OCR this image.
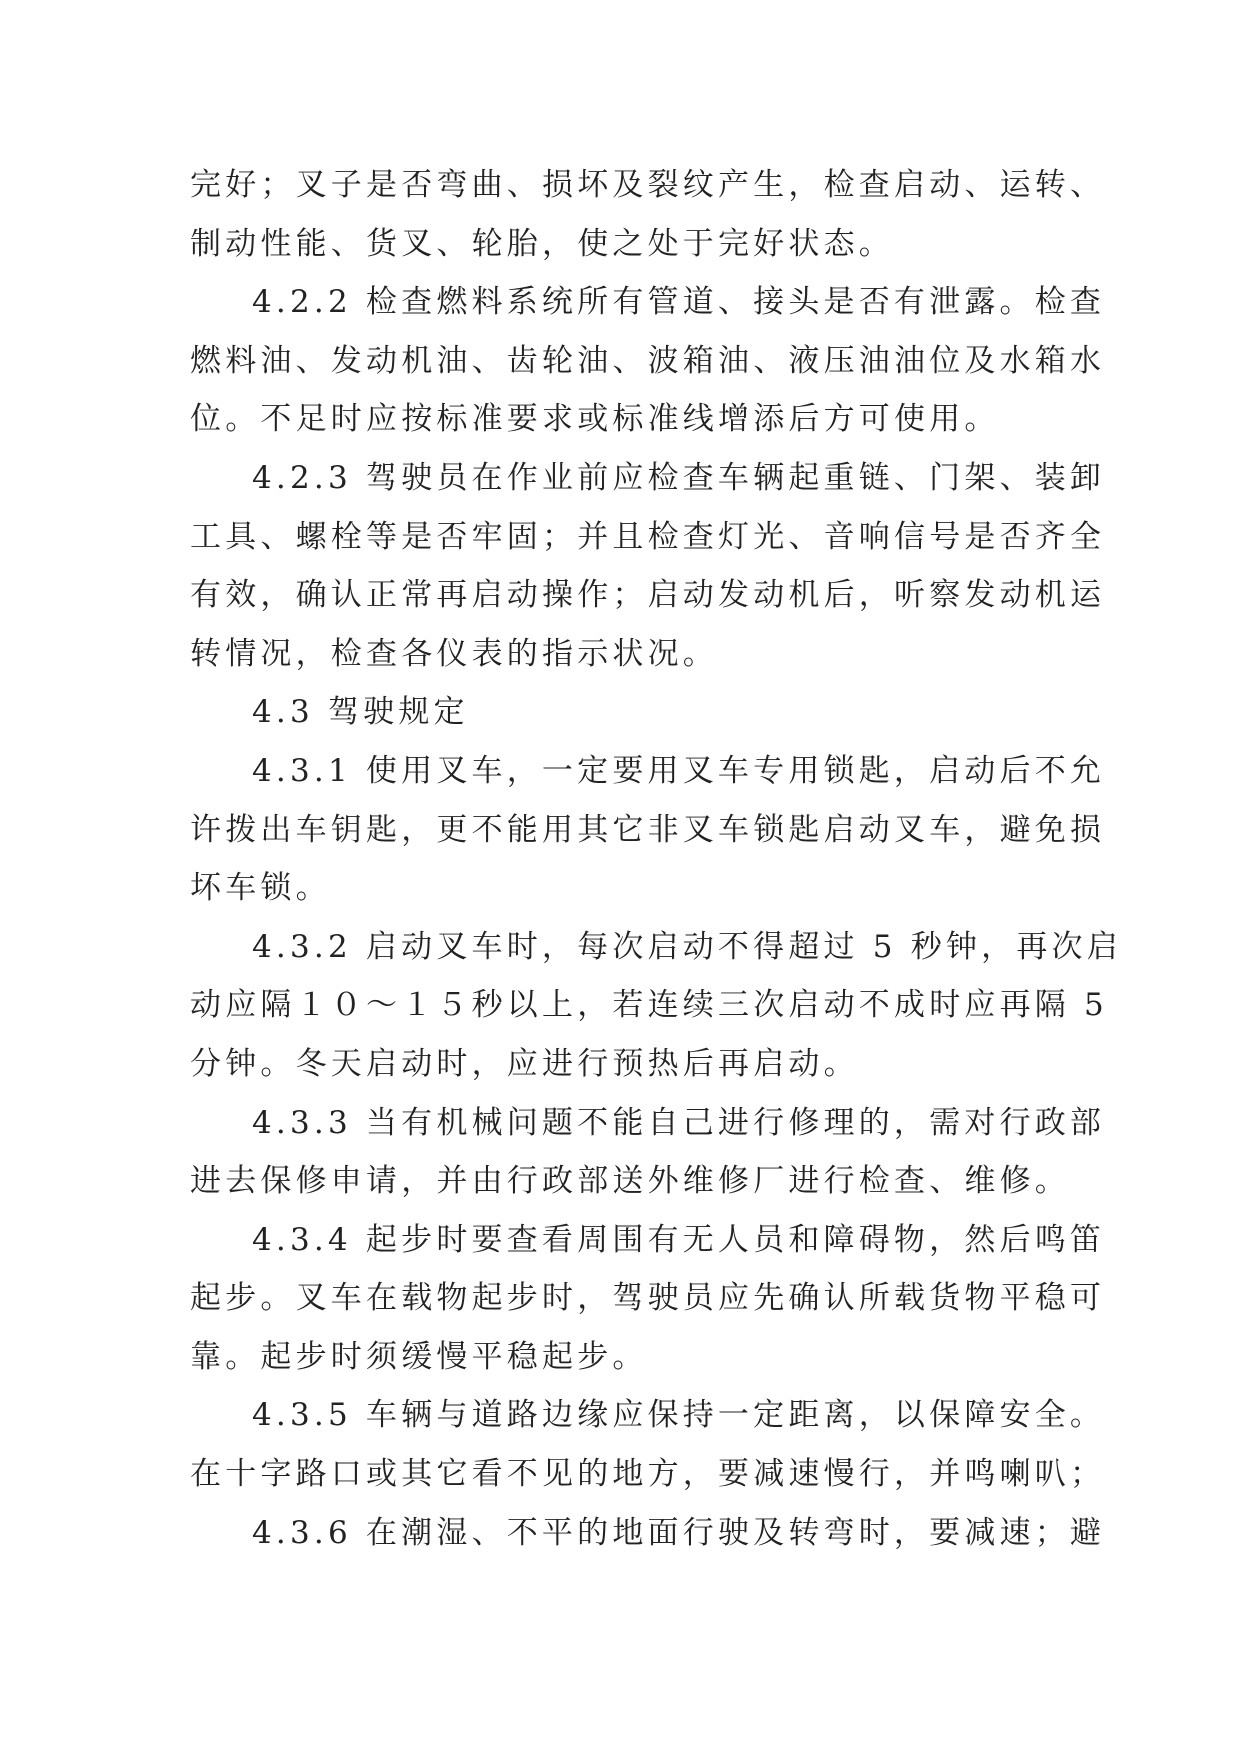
完好；叉子是否弯曲、损坏及裂纹产生，检查启动、运转、
制动性能、货叉、轮胎，使之处于完好状态。
4.2.2 检查燃料系统所有管道、接头是否有泄露。检查
燃料油、发动机油、齿轮油、波箱油、液压油油位及水箱水
位。不足时应按标准要求或标准线增添后方可使用。
4.2.3 驾驶员在作业前应检查车辆起重链、门架、装卸
工具、螺栓等是否牢固；并且检查灯光、音响信号是否齐全
有效，确认正常再启动操作；启动发动机后，听察发动机运
转情况，检查各仪表的指示状况。
4.3 驾驶规定
4.3.1 使用叉车，一定要用叉车专用锁匙，启动后不允
许拨出车钥匙，更不能用其它非叉车锁匙启动叉车，避免损
坏车锁。
4.3.2 启动叉车时，每次启动不得超过 5 秒钟，再次启
动应隔１０～１５秒以上，若连续三次启动不成时应再隔 5
分钟。冬天启动时，应进行预热后再启动。
4.3.3 当有机械问题不能自己进行修理的，需对行政部
进去保修申请，并由行政部送外维修厂进行检查、维修。
4.3.4 起步时要查看周围有无人员和障碍物，然后鸣笛
起步。叉车在载物起步时，驾驶员应先确认所载货物平稳可
靠。起步时须缓慢平稳起步。
4.3.5 车辆与道路边缘应保持一定距离，以保障安全。
在十字路口或其它看不见的地方，要减速慢行，并鸣喇叭；
4.3.6 在潮湿、不平的地面行驶及转弯时，要减速；避
